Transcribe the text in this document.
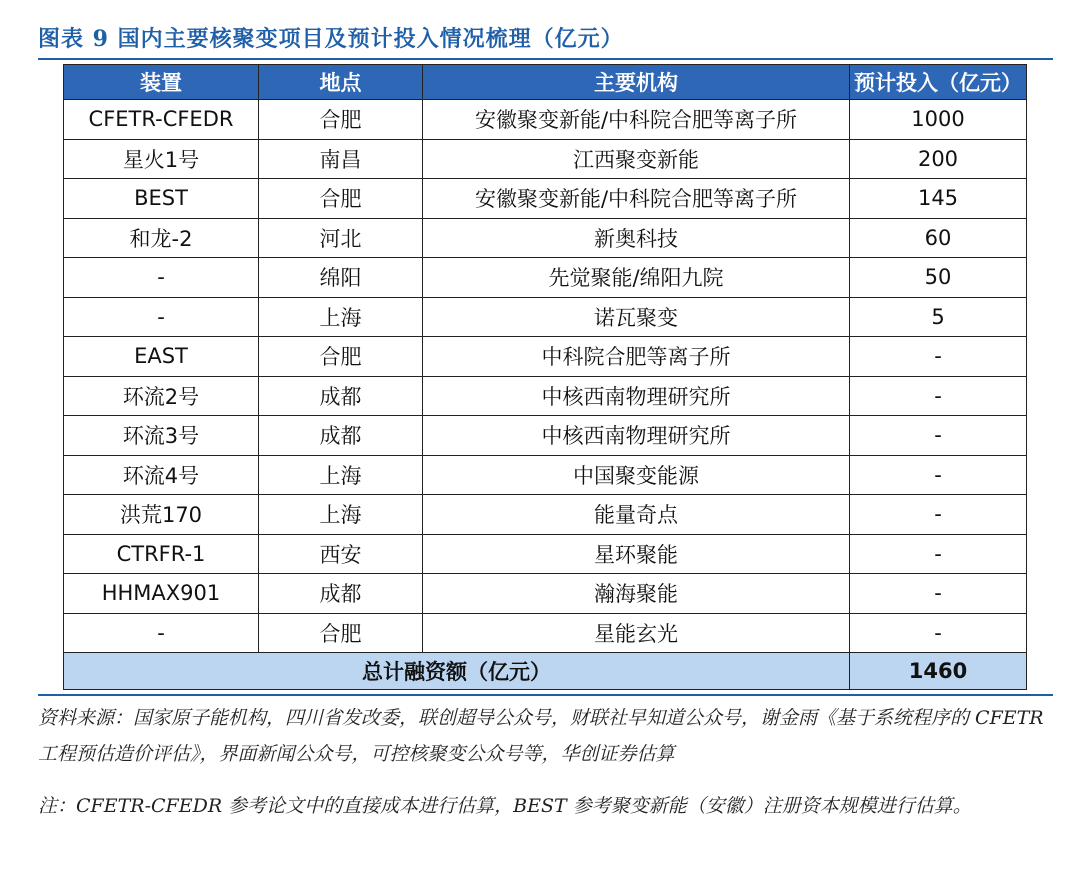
图表 9 国内主要核聚变项目及预计投入情况梳理（亿元）
装置	地点	主要机构	预计投入（亿元）
CFETR-CFEDR	合肥	安徽聚变新能/中科院合肥等离子所	1000
星火1号	南昌	江西聚变新能	200
BEST	合肥	安徽聚变新能/中科院合肥等离子所	145
和龙-2	河北	新奥科技	60
-	绵阳	先觉聚能/绵阳九院	50
-	上海	诺瓦聚变	5
EAST	合肥	中科院合肥等离子所	-
环流2号	成都	中核西南物理研究所	-
环流3号	成都	中核西南物理研究所	-
环流4号	上海	中国聚变能源	-
洪荒170	上海	能量奇点	-
CTRFR-1	西安	星环聚能	-
HHMAX901	成都	瀚海聚能	-
-	合肥	星能玄光	-
总计融资额（亿元）			1460
资料来源：国家原子能机构，四川省发改委，联创超导公众号，财联社早知道公众号，谢金雨《基于系统程序的 CFETR 工程预估造价评估》，界面新闻公众号，可控核聚变公众号等，华创证券估算
注：CFETR-CFEDR 参考论文中的直接成本进行估算，BEST 参考聚变新能（安徽）注册资本规模进行估算。
